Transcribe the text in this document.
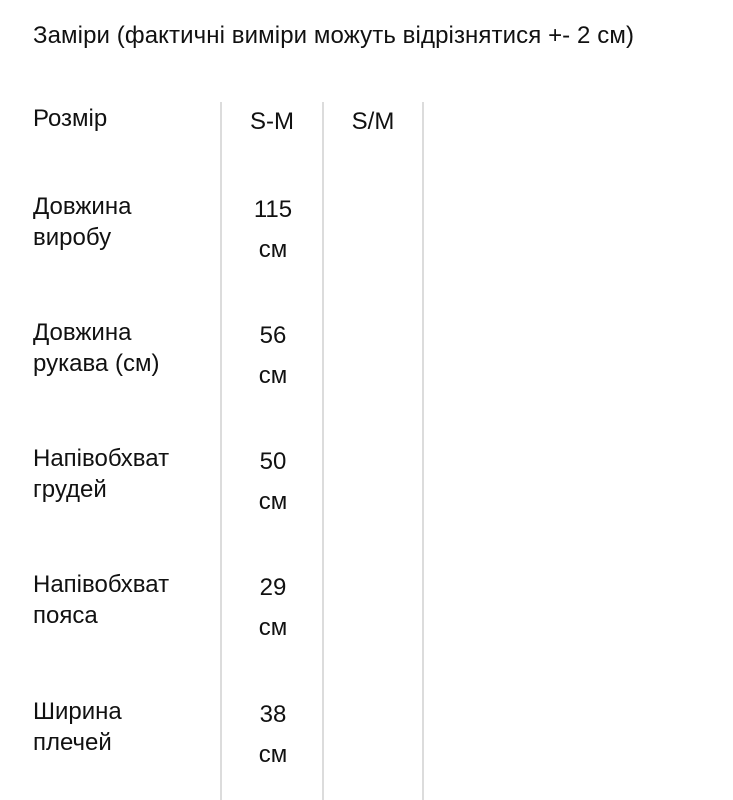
Заміри (фактичні виміри можуть відрізнятися +- 2 см)
Розмір	S-M	S/M
Довжина
виробу
115
см
Довжина
рукава (см)
56
см
Напівобхват
грудей
50
см
Напівобхват
пояса
29
см
Ширина
плечей
38
см
